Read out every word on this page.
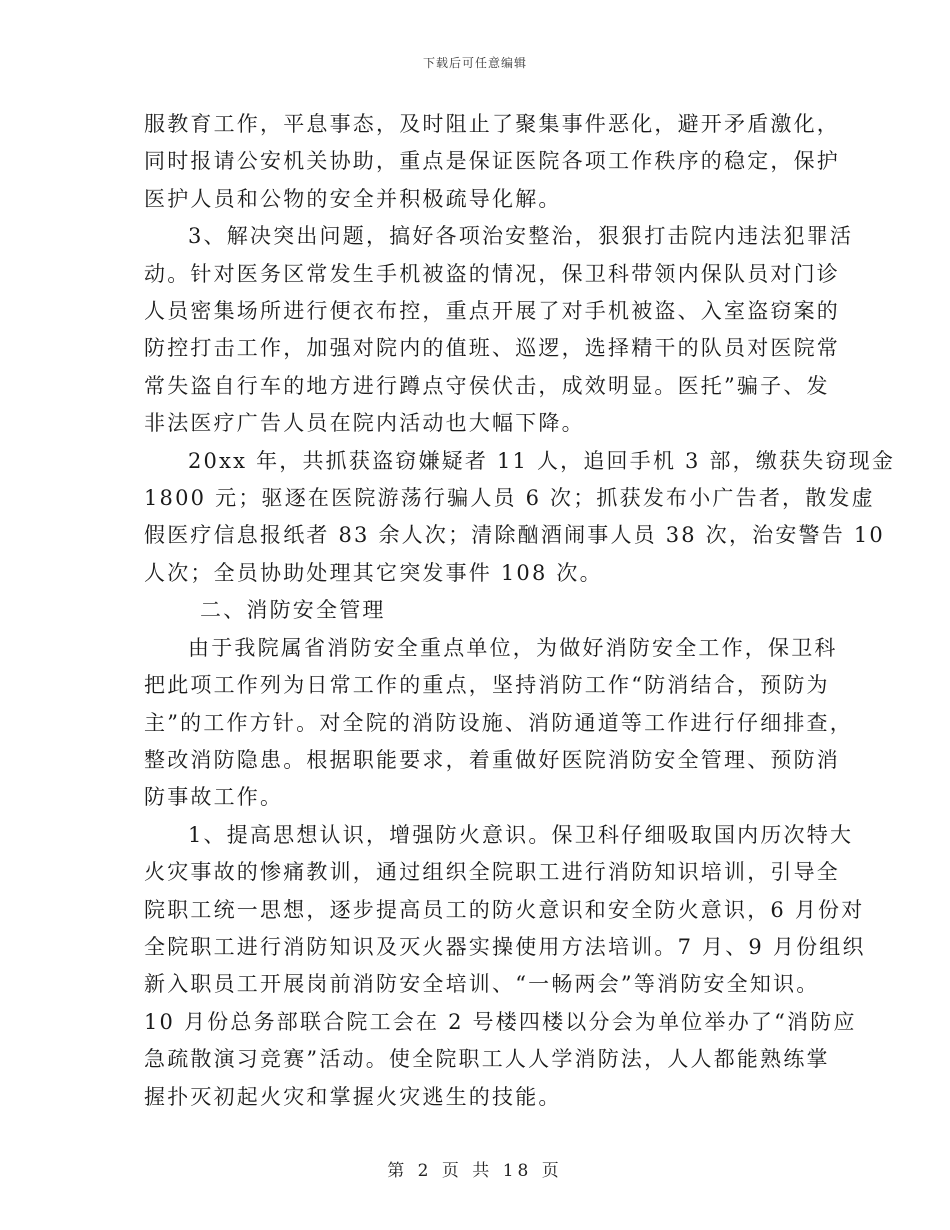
下载后可任意编辑

服教育工作，平息事态，及时阻止了聚集事件恶化，避开矛盾激化，
同时报请公安机关协助，重点是保证医院各项工作秩序的稳定，保护
医护人员和公物的安全并积极疏导化解。

3、解决突出问题，搞好各项治安整治，狠狠打击院内违法犯罪活
动。针对医务区常发生手机被盗的情况，保卫科带领内保队员对门诊
人员密集场所进行便衣布控，重点开展了对手机被盗、入室盗窃案的
防控打击工作，加强对院内的值班、巡逻，选择精干的队员对医院常
常失盗自行车的地方进行蹲点守侯伏击，成效明显。医托”骗子、发
非法医疗广告人员在院内活动也大幅下降。

20xx 年，共抓获盗窃嫌疑者 11 人，追回手机 3 部，缴获失窃现金
1800 元；驱逐在医院游荡行骗人员 6 次；抓获发布小广告者，散发虚
假医疗信息报纸者 83 余人次；清除酗酒闹事人员 38 次，治安警告 10
人次；全员协助处理其它突发事件 108 次。

二、消防安全管理

由于我院属省消防安全重点单位，为做好消防安全工作，保卫科
把此项工作列为日常工作的重点，坚持消防工作“防消结合，预防为
主”的工作方针。对全院的消防设施、消防通道等工作进行仔细排查，
整改消防隐患。根据职能要求，着重做好医院消防安全管理、预防消
防事故工作。

1、提高思想认识，增强防火意识。保卫科仔细吸取国内历次特大
火灾事故的惨痛教训，通过组织全院职工进行消防知识培训，引导全
院职工统一思想，逐步提高员工的防火意识和安全防火意识，6 月份对
全院职工进行消防知识及灭火器实操使用方法培训。7 月、9 月份组织
新入职员工开展岗前消防安全培训、“一畅两会”等消防安全知识。
10 月份总务部联合院工会在 2 号楼四楼以分会为单位举办了“消防应
急疏散演习竞赛”活动。使全院职工人人学消防法，人人都能熟练掌
握扑灭初起火灾和掌握火灾逃生的技能。

第 2 页 共 18 页
